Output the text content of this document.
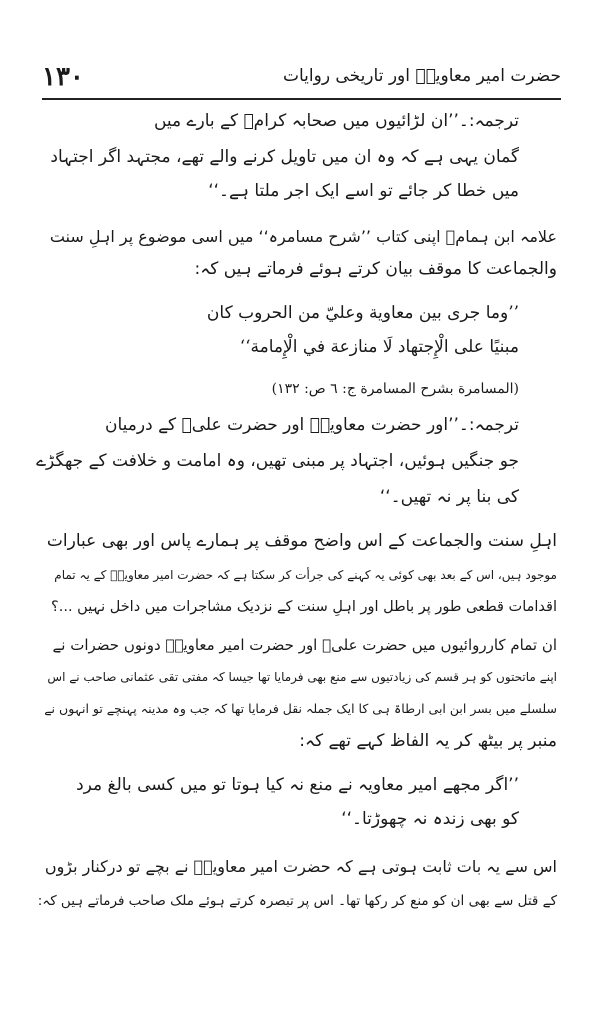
١٣٠	حضرت امیر معاویہؓ اور تاریخی روایات
ترجمہ:۔’’ان لڑائیوں میں صحابہ کرامؓ کے بارے میں
گمان یہی ہے کہ وہ ان میں تاویل کرنے والے تھے، مجتہد اگر اجتہاد
میں خطا کر جائے تو اسے ایک اجر ملتا ہے۔‘‘
علامہ ابن ہمامؒ اپنی کتاب ’’شرح مسامرہ‘‘ میں اسی موضوع پر اہلِ سنت
والجماعت کا موقف بیان کرتے ہوئے فرماتے ہیں کہ:
’’وما جرى بين معاوية وعليّ من الحروب كان
مبنيًا على الْإِجتهاد لَا منازعة في الْإِمامة‘‘
(المسامرة بشرح المسامرة ج: ٦ ص: ١٣٢)
ترجمہ:۔’’اور حضرت معاویہؓ اور حضرت علیؓ کے درمیان
جو جنگیں ہوئیں، اجتہاد پر مبنی تھیں، وہ امامت و خلافت کے جھگڑے
کی بنا پر نہ تھیں۔‘‘
اہلِ سنت والجماعت کے اس واضح موقف پر ہمارے پاس اور بھی عبارات
موجود ہیں، اس کے بعد بھی کوئی یہ کہنے کی جرأت کر سکتا ہے کہ حضرت امیر معاویہؓ کے یہ تمام
اقدامات قطعی طور پر باطل اور اہلِ سنت کے نزدیک مشاجرات میں داخل نہیں ...؟
ان تمام کارروائیوں میں حضرت علیؓ اور حضرت امیر معاویہؓ دونوں حضرات نے
اپنے ماتحتوں کو ہر قسم کی زیادتیوں سے منع بھی فرمایا تھا جیسا کہ مفتی تقی عثمانی صاحب نے اس
سلسلے میں بسر ابن ابی ارطاۃ ہی کا ایک جملہ نقل فرمایا تھا کہ جب وہ مدینہ پہنچے تو انہوں نے
منبر پر بیٹھ کر یہ الفاظ کہے تھے کہ:
’’اگر مجھے امیر معاویہ نے منع نہ کیا ہوتا تو میں کسی بالغ مرد
کو بھی زندہ نہ چھوڑتا۔‘‘
اس سے یہ بات ثابت ہوتی ہے کہ حضرت امیر معاویہؓ نے بچے تو درکنار بڑوں
کے قتل سے بھی ان کو منع کر رکھا تھا۔ اس پر تبصرہ کرتے ہوئے ملک صاحب فرماتے ہیں کہ:
